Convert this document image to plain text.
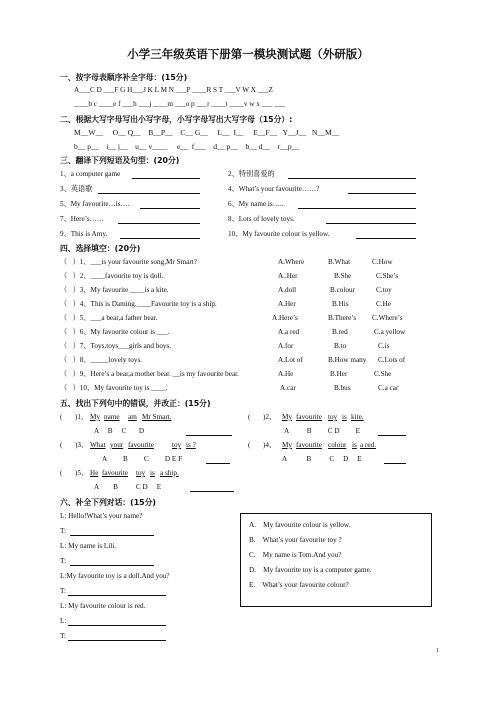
小学三年级英语下册第一模块测试题（外研版）
一、按字母表顺序补全字母：(15分)
A___C D ___F G H___J K L M N ___P ____R S T ___V W X ___Z
____b c ____e f ___h ___j ____m ___o p ___r ____t ____v w x ___ ___
二、根据大写字母写出小写字母，小写字母写出大写字母（15分）:
M__W__     O__ Q__    B__P__    C__ G__     L__  I__     E__F__   Y__J__   N__M__
b__ p__    i__ j__    u__ v____     e__  f___    d__ p__    b__ d__    r__p__
三、翻译下列短语及句型：(20分)
1、a computer game	2、特别喜爱的
3、英语歌	4、What’s your favourite……?
5、My favourite…is….	6、My name is…..
7、Here’s……	8、Lots of lovely toys.
9、This is Amy.	10、My favourite colour is yellow.
四、选择填空：(20分)
（   ）1、___is your favourite song,Mr Smart?	A.Where	B.What	C.How
（   ）2、____favourite toy is doll.	A..Her	B.She	C.She’s
（   ）3、My favourite ____is a kite.	A.doll	B.colour	C.toy
（   ）4、This is Daming.____Favourite toy is a ship.	A.Her	B.His	C.He
（   ）5、___a bear,a father bear.	A.Here’s	B.There’s C.Where’s
（   ）6、My favourite colour is ___.	A.a red	B.red	C.a yellow
（   ）7、Toys,toys___girls and boys.	A.for	B.to	C.is
（   ）8、_____lovely toys.	A.Lot of	B.How many C.Lots of
（   ）9、Here’s a bear,a mother bear. __is my favourite bear.	A.He	B.Her	C.She
（   ）10、My favourite toy is ____.	A.car	B.bus	C.a car
五、找出下列句中的错误，并改正：(15分)
(       )1、 My name am Mr Smart.
A     B     C       D
(       )2、 My favourite toy is kite.
A          B         C D         E
(       )3、 What your favourite	toy is ?
A         B         C         D E F
(       )4、 My favourite colour is a red.
A           B          C     D     E
(       )5、 He favourite toy is a ship.
A        B          C D     E
六、补全下列对话：(15分)
L: Hello!What’s your name?
T:
L: My name is Lili.
T:
L:My favourite toy is a doll.And you?
T:
L: My favourite colour is red.
L:
T:
A.    My favourite colour is yellow.
B.    What’s your favourite toy ?
C.    My name is Tom.And you?
D.    My favourite toy is a computer game.
E.    What’s your favourite colour?
1
